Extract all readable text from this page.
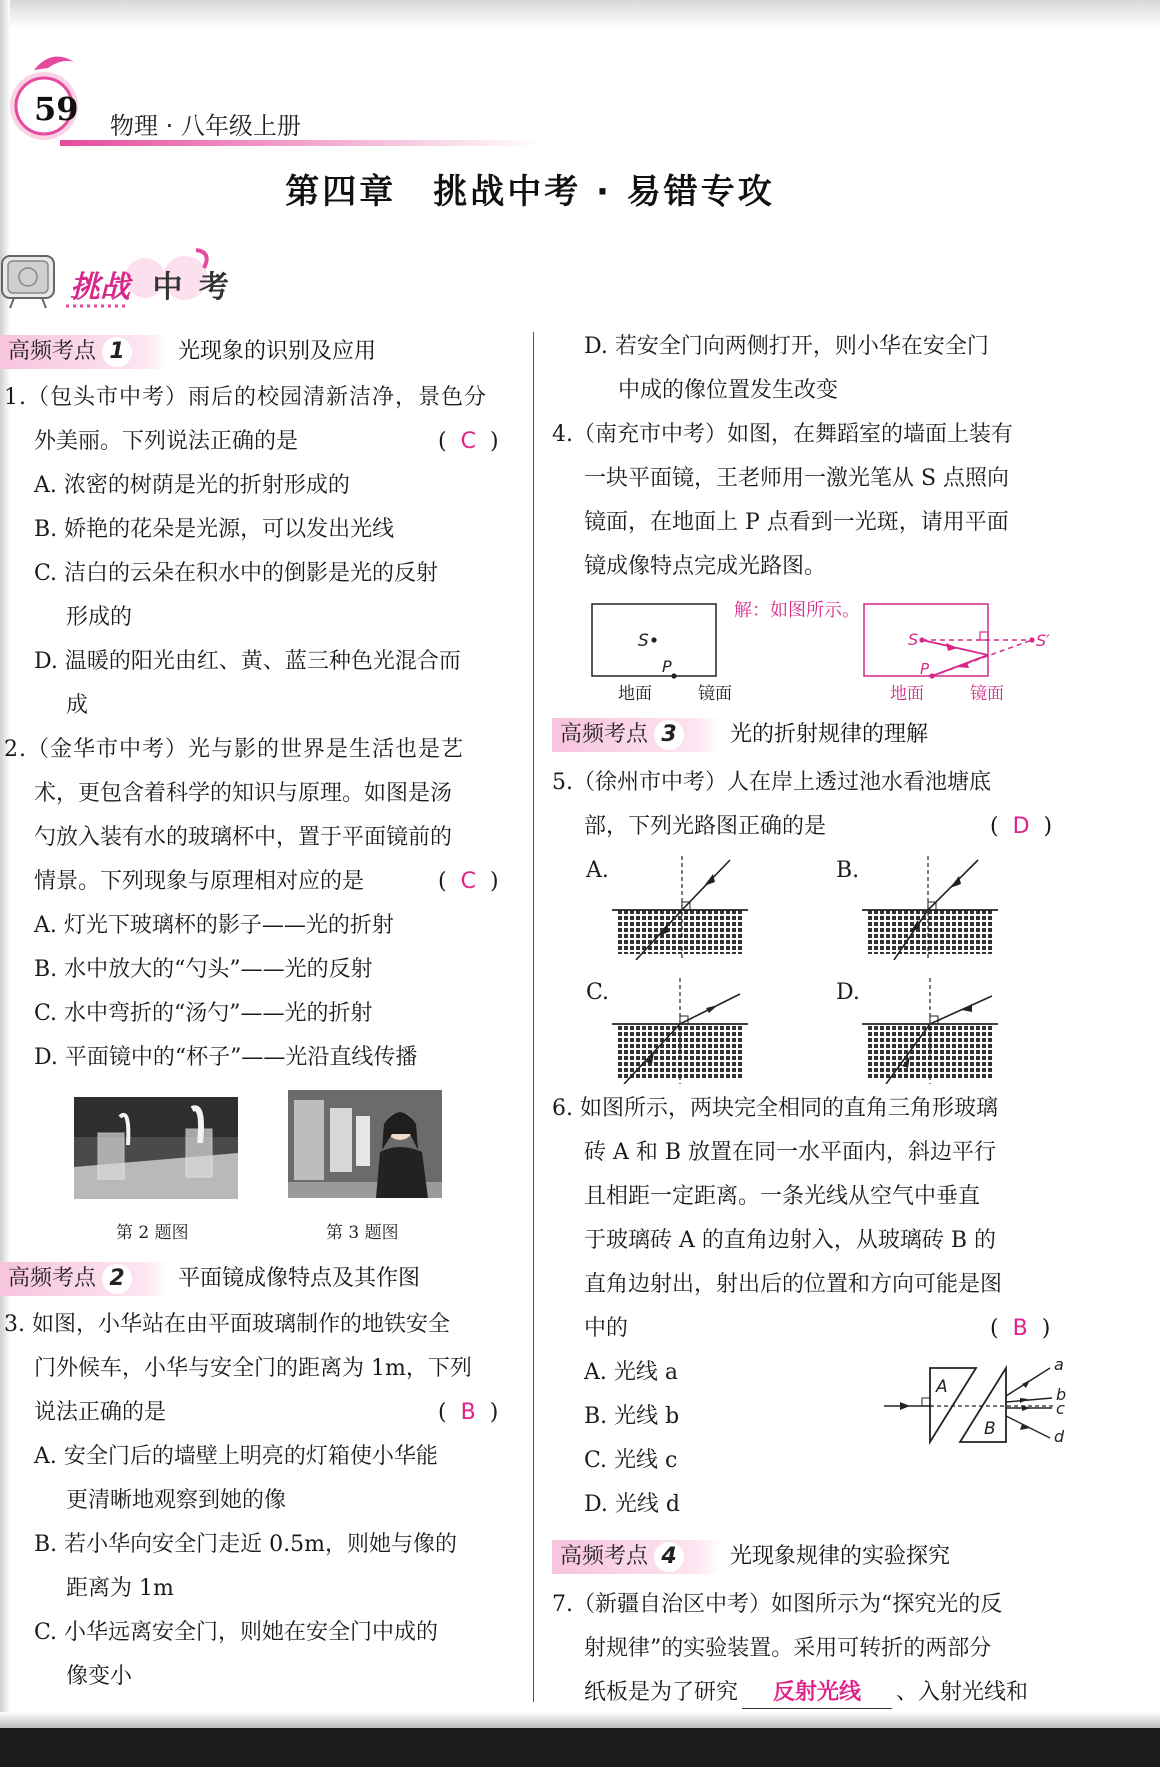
59 物理 · 八年级上册
第四章　挑战中考 · 易错专攻
挑战 中 考
高频考点 1	光现象的识别及应用
1.（包头市中考）雨后的校园清新洁净，景色分
外美丽。下列说法正确的是	( C )
A. 浓密的树荫是光的折射形成的
B. 娇艳的花朵是光源，可以发出光线
C. 洁白的云朵在积水中的倒影是光的反射
形成的
D. 温暖的阳光由红、黄、蓝三种色光混合而
成
2.（金华市中考）光与影的世界是生活也是艺
术，更包含着科学的知识与原理。如图是汤
勺放入装有水的玻璃杯中，置于平面镜前的
情景。下列现象与原理相对应的是	( C )
A. 灯光下玻璃杯的影子——光的折射
B. 水中放大的“勺头”——光的反射
C. 水中弯折的“汤勺”——光的折射
D. 平面镜中的“杯子”——光沿直线传播
第 2 题图	第 3 题图
高频考点 2	平面镜成像特点及其作图
3. 如图，小华站在由平面玻璃制作的地铁安全
门外候车，小华与安全门的距离为 1m，下列
说法正确的是	( B )
A. 安全门后的墙壁上明亮的灯箱使小华能
更清晰地观察到她的像
B. 若小华向安全门走近 0.5m，则她与像的
距离为 1m
C. 小华远离安全门，则她在安全门中成的
像变小
D. 若安全门向两侧打开，则小华在安全门
中成的像位置发生改变
4.（南充市中考）如图，在舞蹈室的墙面上装有
一块平面镜，王老师用一激光笔从 S 点照向
镜面，在地面上 P 点看到一光斑，请用平面
镜成像特点完成光路图。
S
P
地面	镜面
解：如图所示。
S	S′
P
地面	镜面
高频考点 3	光的折射规律的理解
5.（徐州市中考）人在岸上透过池水看池塘底
部，下列光路图正确的是	( D )
A.	B.
C.	D.
6. 如图所示，两块完全相同的直角三角形玻璃
砖 A 和 B 放置在同一水平面内，斜边平行
且相距一定距离。一条光线从空气中垂直
于玻璃砖 A 的直角边射入，从玻璃砖 B 的
直角边射出，射出后的位置和方向可能是图
中的	( B )
A. 光线 a
B. 光线 b
C. 光线 c
D. 光线 d
A
B
a
b
c
d
高频考点 4	光现象规律的实验探究
7.（新疆自治区中考）如图所示为“探究光的反
射规律”的实验装置。采用可转折的两部分
纸板是为了研究 反射光线 、入射光线和
